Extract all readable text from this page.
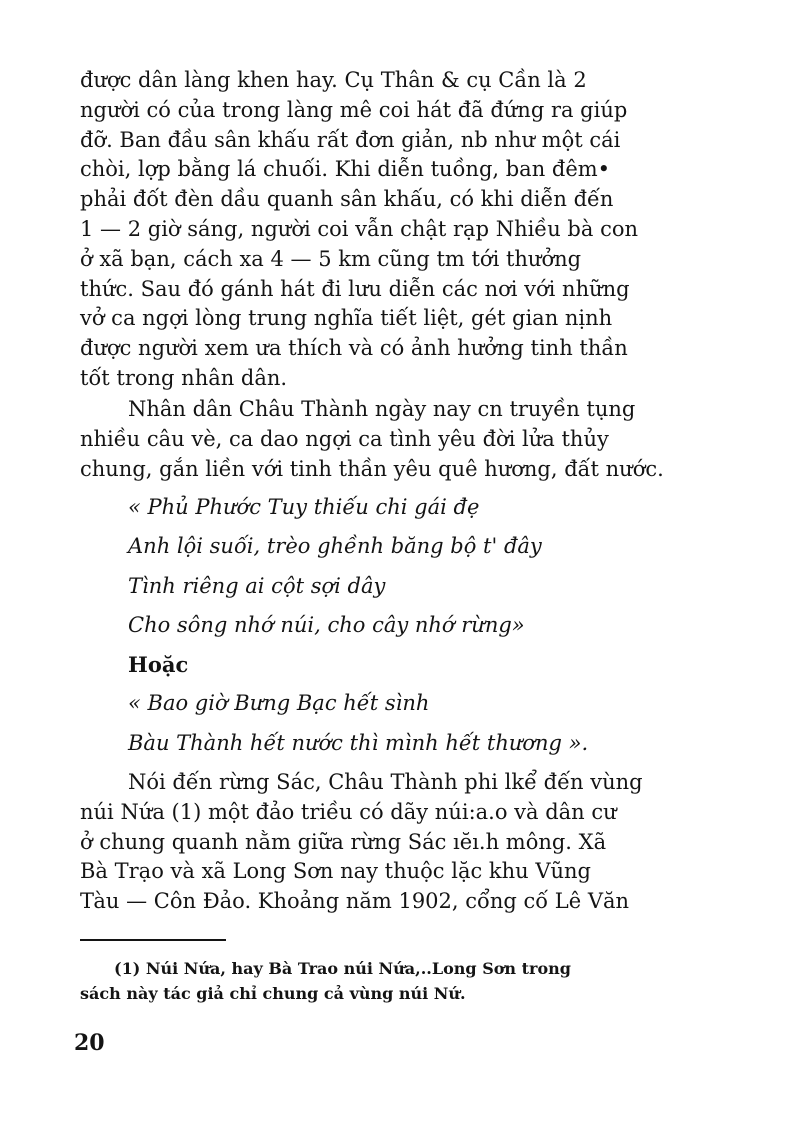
được dân làng khen hay. Cụ Thân & cụ Cần là 2
người có của trong làng mê coi hát đã đứng ra giúp
đỡ. Ban đầu sân khấu rất đơn giản, nb như một cái
chòi, lợp bằng lá chuối. Khi diễn tuồng, ban đêm•
phải đốt đèn dầu quanh sân khấu, có khi diễn đến
1 — 2 giờ sáng, người coi vẫn chật rạp Nhiều bà con
ở xã bạn, cách xa 4 — 5 km cũng tm tới thưởng
thức. Sau đó gánh hát đi lưu diễn các nơi với những
vở ca ngợi lòng trung nghĩa tiết liệt, gét gian nịnh
được người xem ưa thích và có ảnh hưởng tinh thần
tốt trong nhân dân.
Nhân dân Châu Thành ngày nay cn truyền tụng
nhiều câu vè, ca dao ngợi ca tình yêu đời lửa thủy
chung, gắn liền với tinh thần yêu quê hương, đất nước.
« Phủ Phước Tuy thiếu chi gái đẹ
Anh lội suối, trèo ghềnh băng bộ t' đây
Tình riêng ai cột sợi dây
Cho sông nhớ núi, cho cây nhớ rừng»
Hoặc
« Bao giờ Bưng Bạc hết sình
Bàu Thành hết nước thì mình hết thương ».
Nói đến rừng Sác, Châu Thành phi lkể đến vùng
núi Nứa (1) một đảo triều có dãy núi:a.o và dân cư
ở chung quanh nằm giữa rừng Sác ıĕı.h mông. Xã
Bà Trạo và xã Long Sơn nay thuộc lặc khu Vũng
Tàu — Côn Đảo. Khoảng năm 1902, cổng cố Lê Văn
(1) Núi Nứa, hay Bà Trao núi Nứa,..Long Sơn trong
sách này tác giả chỉ chung cả vùng núi Nứ.
20
